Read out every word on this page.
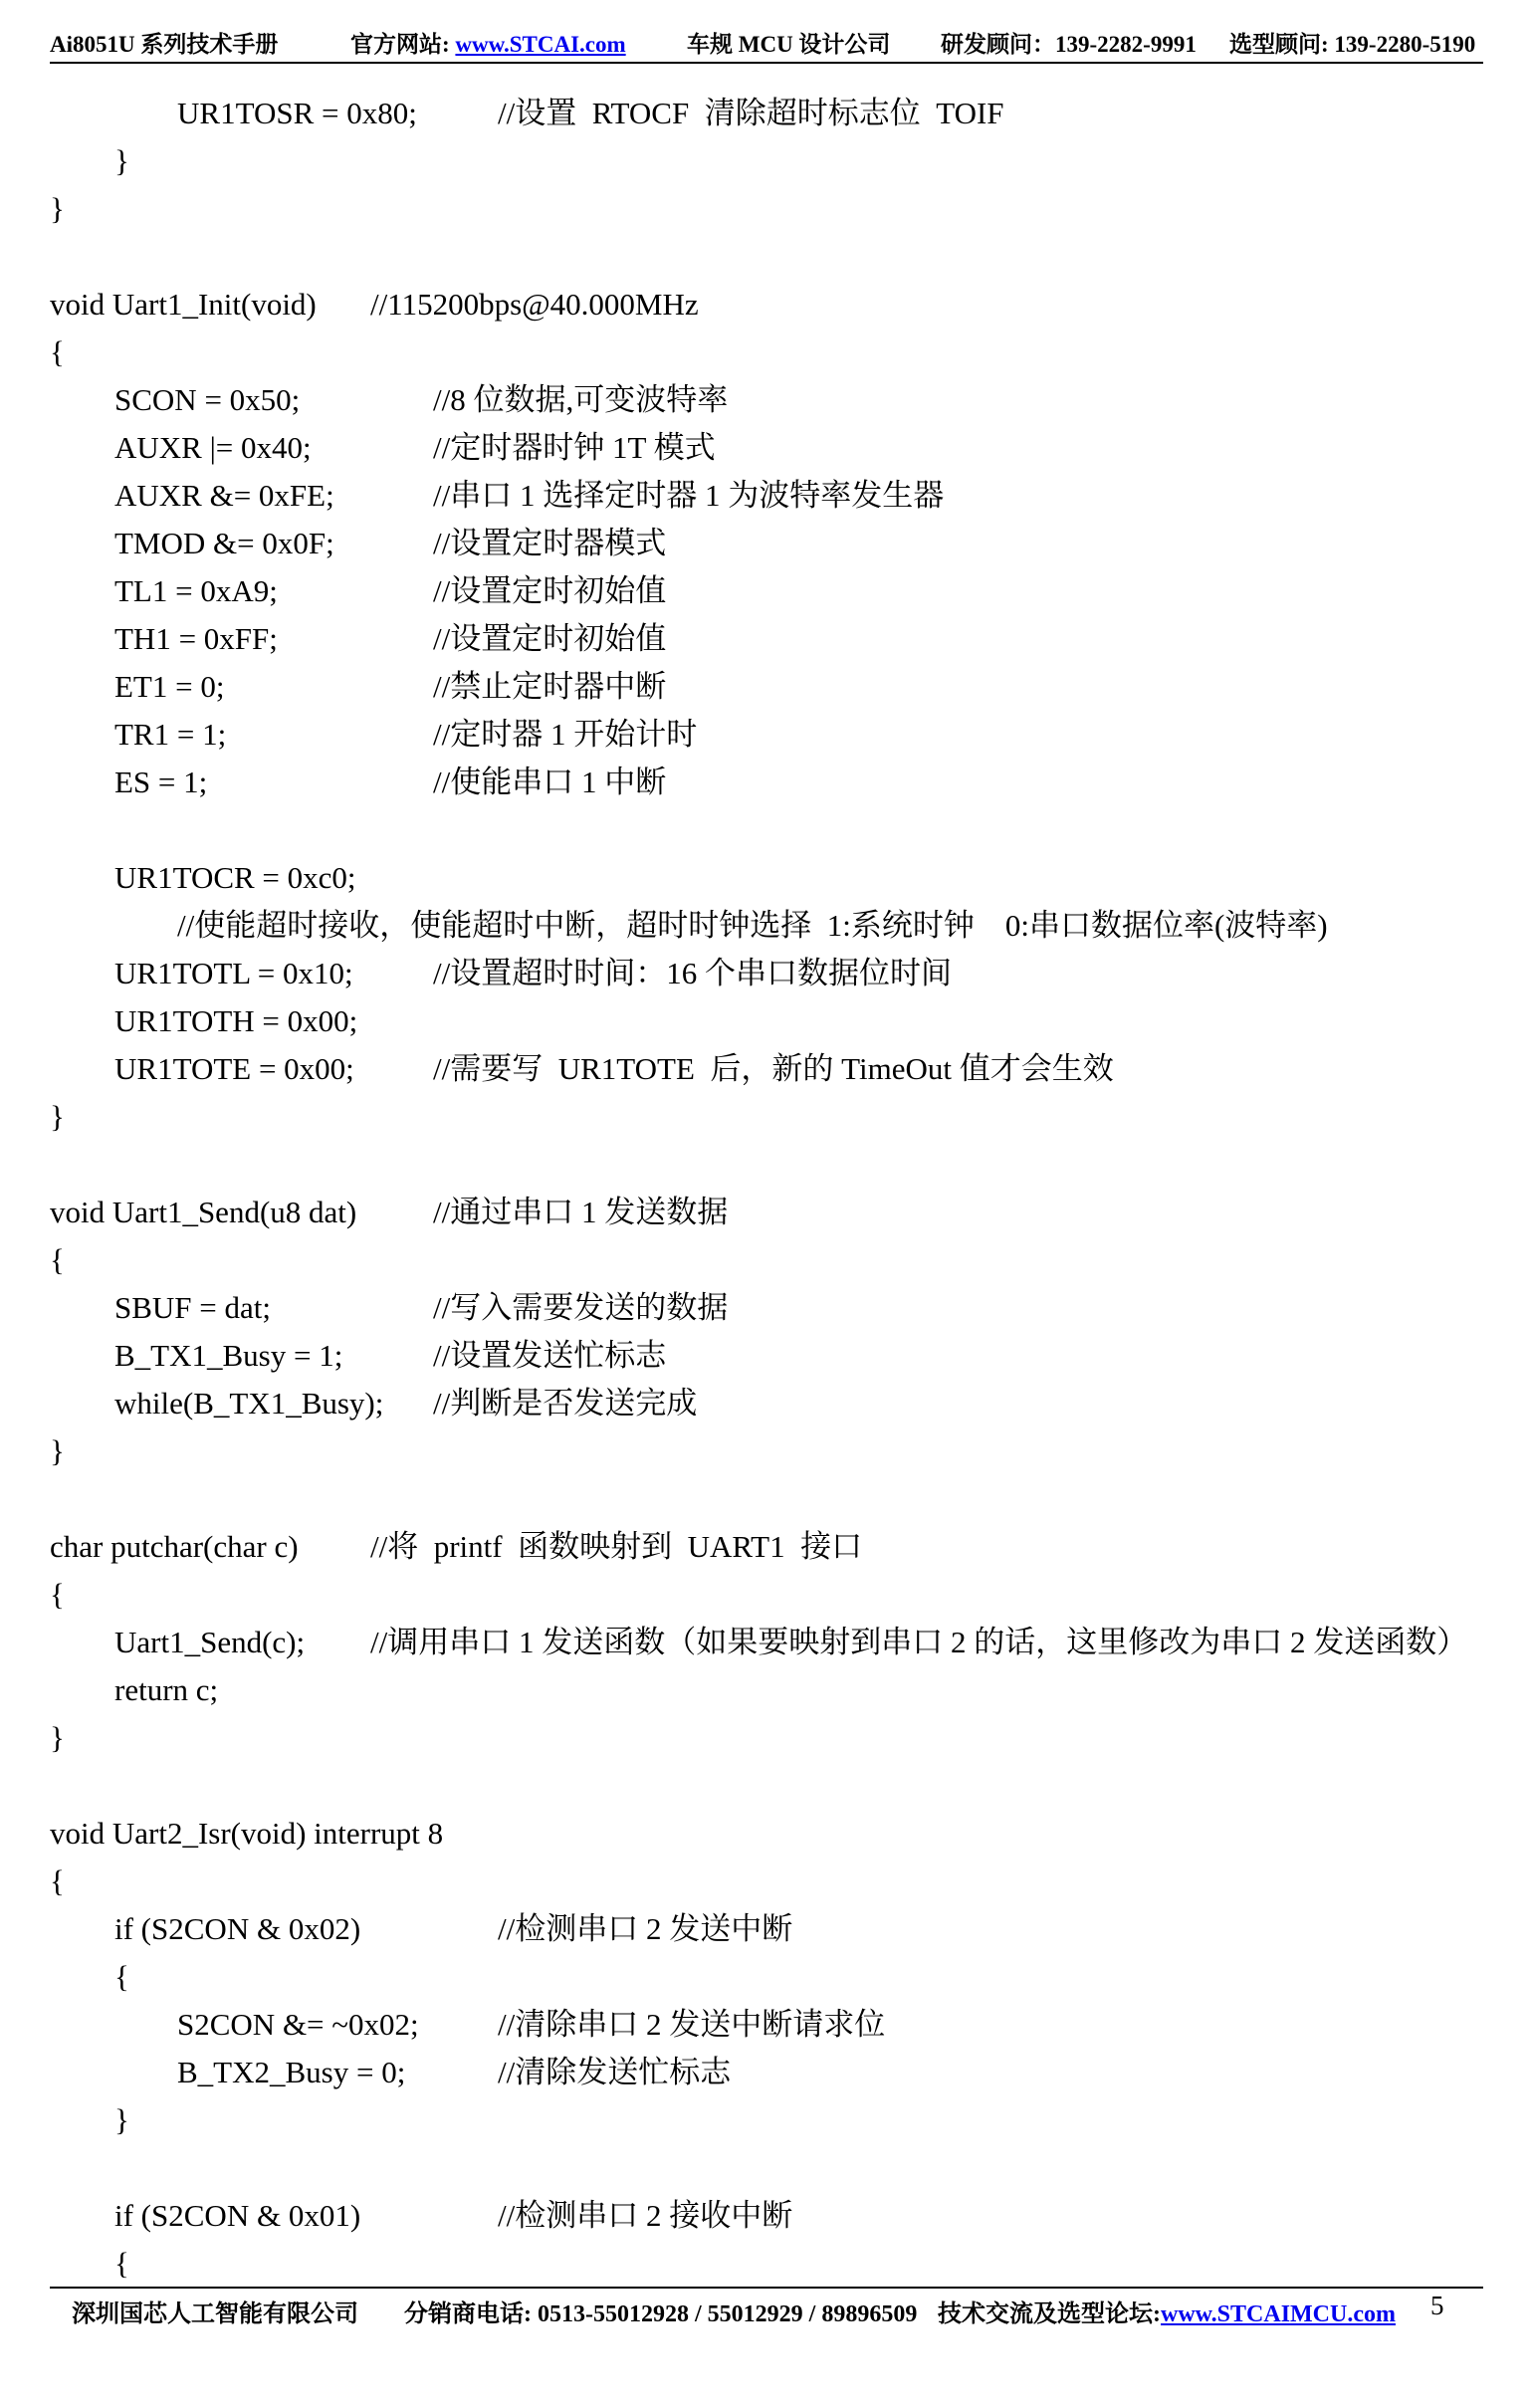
Ai8051U 系列技术手册	官方网站: www.STCAI.com	车规 MCU 设计公司 研发顾问：139-2282-9991 选型顾问: 139-2280-5190
UR1TOSR = 0x80;	//设置  RTOCF  清除超时标志位  TOIF
}
}
void Uart1_Init(void) //115200bps@40.000MHz
{
SCON = 0x50;	//8 位数据,可变波特率
AUXR |= 0x40;	//定时器时钟 1T 模式
AUXR &= 0xFE;	//串口 1 选择定时器 1 为波特率发生器
TMOD &= 0x0F;	//设置定时器模式
TL1 = 0xA9;	//设置定时初始值
TH1 = 0xFF;	//设置定时初始值
ET1 = 0;	//禁止定时器中断
TR1 = 1;	//定时器 1 开始计时
ES = 1;	//使能串口 1 中断
UR1TOCR = 0xc0;
//使能超时接收，使能超时中断，超时时钟选择  1:系统时钟    0:串口数据位率(波特率)
UR1TOTL = 0x10;	//设置超时时间：16 个串口数据位时间
UR1TOTH = 0x00;
UR1TOTE = 0x00;	//需要写  UR1TOTE  后，新的 TimeOut 值才会生效
}
void Uart1_Send(u8 dat) //通过串口 1 发送数据
{
SBUF = dat;	//写入需要发送的数据
B_TX1_Busy = 1;	//设置发送忙标志
while(B_TX1_Busy); //判断是否发送完成
}
char putchar(char c) //将  printf  函数映射到  UART1  接口
{
Uart1_Send(c); //调用串口 1 发送函数（如果要映射到串口 2 的话，这里修改为串口 2 发送函数）
return c;
}
void Uart2_Isr(void) interrupt 8
{
if (S2CON & 0x02)	//检测串口 2 发送中断
{
S2CON &= ~0x02;	//清除串口 2 发送中断请求位
B_TX2_Busy = 0;	//清除发送忙标志
}
if (S2CON & 0x01)	//检测串口 2 接收中断
{
深圳国芯人工智能有限公司 分销商电话: 0513-55012928 / 55012929 / 89896509 技术交流及选型论坛:www.STCAIMCU.com 5
